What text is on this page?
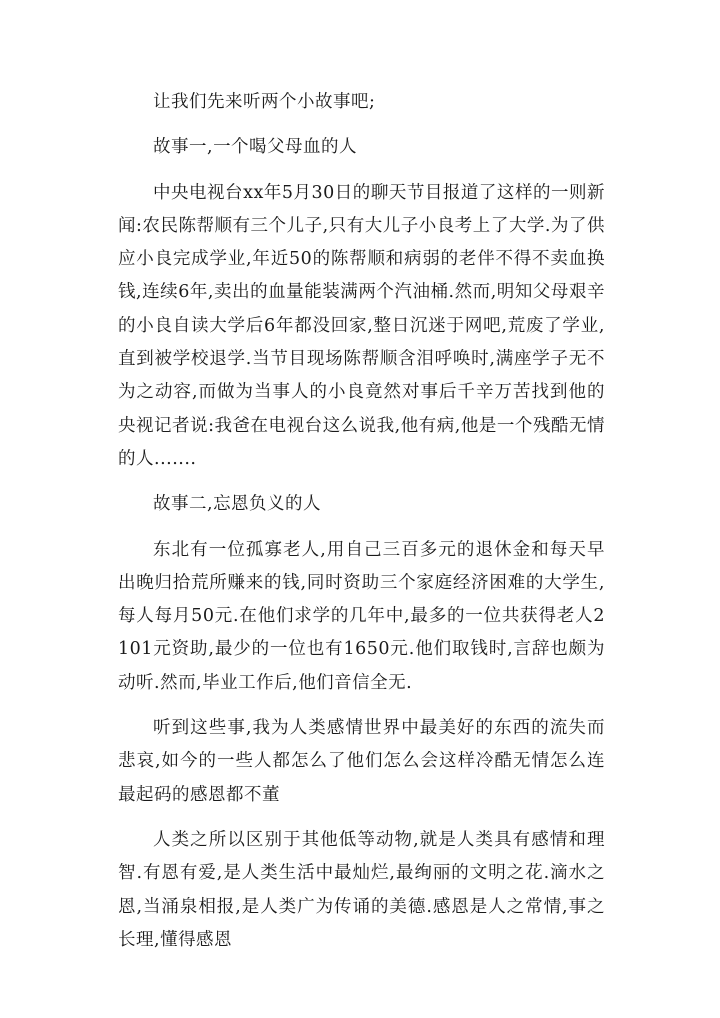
让我们先来听两个小故事吧;

故事一,一个喝父母血的人

中央电视台xx年5月30日的聊天节目报道了这样的一则新闻:农民陈帮顺有三个儿子,只有大儿子小良考上了大学.为了供应小良完成学业,年近50的陈帮顺和病弱的老伴不得不卖血换钱,连续6年,卖出的血量能装满两个汽油桶.然而,明知父母艰辛的小良自读大学后6年都没回家,整日沉迷于网吧,荒废了学业,直到被学校退学.当节目现场陈帮顺含泪呼唤时,满座学子无不为之动容,而做为当事人的小良竟然对事后千辛万苦找到他的央视记者说:我爸在电视台这么说我,他有病,他是一个残酷无情的人.......

故事二,忘恩负义的人

东北有一位孤寡老人,用自己三百多元的退休金和每天早出晚归拾荒所赚来的钱,同时资助三个家庭经济困难的大学生,每人每月50元.在他们求学的几年中,最多的一位共获得老人2101元资助,最少的一位也有1650元.他们取钱时,言辞也颇为动听.然而,毕业工作后,他们音信全无.

听到这些事,我为人类感情世界中最美好的东西的流失而悲哀,如今的一些人都怎么了他们怎么会这样冷酷无情怎么连最起码的感恩都不董

人类之所以区别于其他低等动物,就是人类具有感情和理智.有恩有爱,是人类生活中最灿烂,最绚丽的文明之花.滴水之恩,当涌泉相报,是人类广为传诵的美德.感恩是人之常情,事之长理,懂得感恩
